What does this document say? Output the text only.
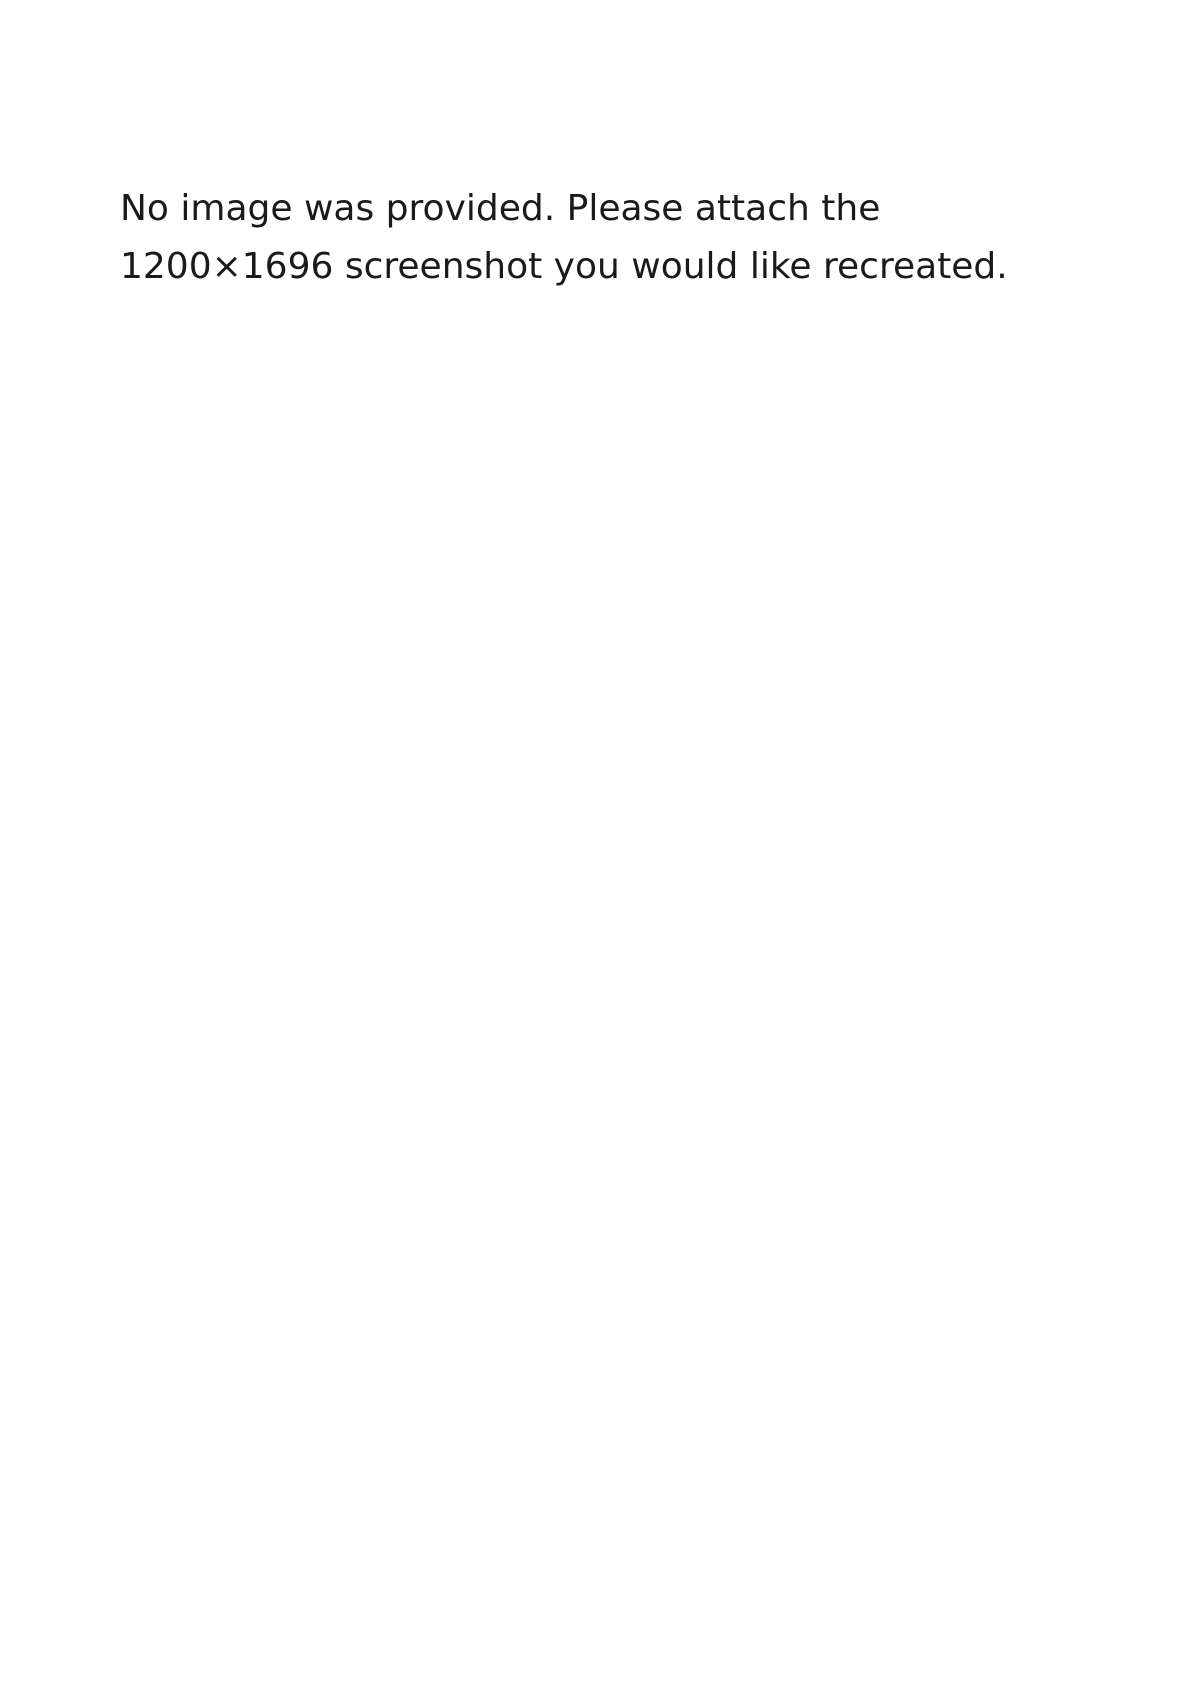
No image was provided. Please attach the 1200×1696 screenshot you would like recreated.
